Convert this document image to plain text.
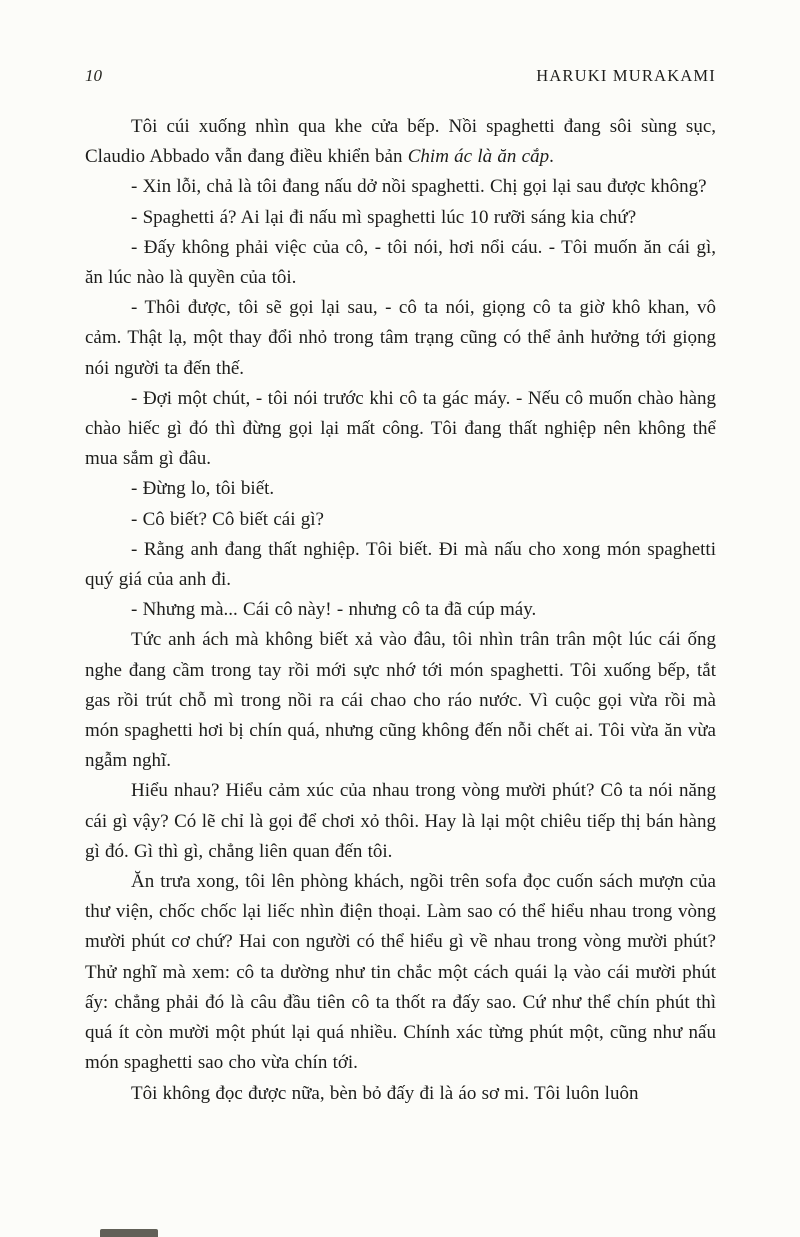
10	HARUKI MURAKAMI

Tôi cúi xuống nhìn qua khe cửa bếp. Nồi spaghetti đang sôi sùng sục, Claudio Abbado vẫn đang điều khiển bản Chim ác là ăn cắp.

- Xin lỗi, chả là tôi đang nấu dở nồi spaghetti. Chị gọi lại sau được không?

- Spaghetti á? Ai lại đi nấu mì spaghetti lúc 10 rưỡi sáng kia chứ?

- Đấy không phải việc của cô, - tôi nói, hơi nổi cáu. - Tôi muốn ăn cái gì, ăn lúc nào là quyền của tôi.

- Thôi được, tôi sẽ gọi lại sau, - cô ta nói, giọng cô ta giờ khô khan, vô cảm. Thật lạ, một thay đổi nhỏ trong tâm trạng cũng có thể ảnh hưởng tới giọng nói người ta đến thế.

- Đợi một chút, - tôi nói trước khi cô ta gác máy. - Nếu cô muốn chào hàng chào hiếc gì đó thì đừng gọi lại mất công. Tôi đang thất nghiệp nên không thể mua sắm gì đâu.

- Đừng lo, tôi biết.

- Cô biết? Cô biết cái gì?

- Rằng anh đang thất nghiệp. Tôi biết. Đi mà nấu cho xong món spaghetti quý giá của anh đi.

- Nhưng mà... Cái cô này! - nhưng cô ta đã cúp máy.

Tức anh ách mà không biết xả vào đâu, tôi nhìn trân trân một lúc cái ống nghe đang cầm trong tay rồi mới sực nhớ tới món spaghetti. Tôi xuống bếp, tắt gas rồi trút chỗ mì trong nồi ra cái chao cho ráo nước. Vì cuộc gọi vừa rồi mà món spaghetti hơi bị chín quá, nhưng cũng không đến nỗi chết ai. Tôi vừa ăn vừa ngẫm nghĩ.

Hiểu nhau? Hiểu cảm xúc của nhau trong vòng mười phút? Cô ta nói năng cái gì vậy? Có lẽ chỉ là gọi để chơi xỏ thôi. Hay là lại một chiêu tiếp thị bán hàng gì đó. Gì thì gì, chẳng liên quan đến tôi.

Ăn trưa xong, tôi lên phòng khách, ngồi trên sofa đọc cuốn sách mượn của thư viện, chốc chốc lại liếc nhìn điện thoại. Làm sao có thể hiểu nhau trong vòng mười phút cơ chứ? Hai con người có thể hiểu gì về nhau trong vòng mười phút? Thử nghĩ mà xem: cô ta dường như tin chắc một cách quái lạ vào cái mười phút ấy: chẳng phải đó là câu đầu tiên cô ta thốt ra đấy sao. Cứ như thể chín phút thì quá ít còn mười một phút lại quá nhiều. Chính xác từng phút một, cũng như nấu món spaghetti sao cho vừa chín tới.

Tôi không đọc được nữa, bèn bỏ đấy đi là áo sơ mi. Tôi luôn luôn
